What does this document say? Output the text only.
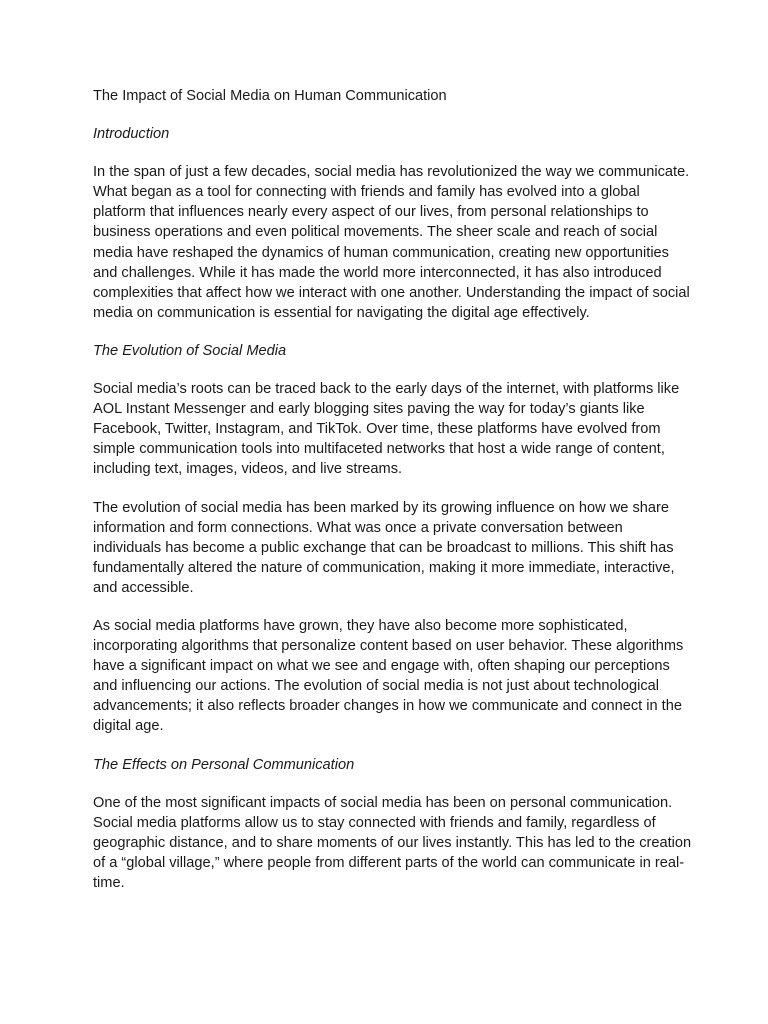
The Impact of Social Media on Human Communication
Introduction

In the span of just a few decades, social media has revolutionized the way we communicate. What began as a tool for connecting with friends and family has evolved into a global platform that influences nearly every aspect of our lives, from personal relationships to business operations and even political movements. The sheer scale and reach of social media have reshaped the dynamics of human communication, creating new opportunities and challenges. While it has made the world more interconnected, it has also introduced complexities that affect how we interact with one another. Understanding the impact of social media on communication is essential for navigating the digital age effectively.

The Evolution of Social Media

Social media’s roots can be traced back to the early days of the internet, with platforms like AOL Instant Messenger and early blogging sites paving the way for today’s giants like Facebook, Twitter, Instagram, and TikTok. Over time, these platforms have evolved from simple communication tools into multifaceted networks that host a wide range of content, including text, images, videos, and live streams.

The evolution of social media has been marked by its growing influence on how we share information and form connections. What was once a private conversation between individuals has become a public exchange that can be broadcast to millions. This shift has fundamentally altered the nature of communication, making it more immediate, interactive, and accessible.

As social media platforms have grown, they have also become more sophisticated, incorporating algorithms that personalize content based on user behavior. These algorithms have a significant impact on what we see and engage with, often shaping our perceptions and influencing our actions. The evolution of social media is not just about technological advancements; it also reflects broader changes in how we communicate and connect in the digital age.

The Effects on Personal Communication

One of the most significant impacts of social media has been on personal communication. Social media platforms allow us to stay connected with friends and family, regardless of geographic distance, and to share moments of our lives instantly. This has led to the creation of a “global village,” where people from different parts of the world can communicate in real-time.
